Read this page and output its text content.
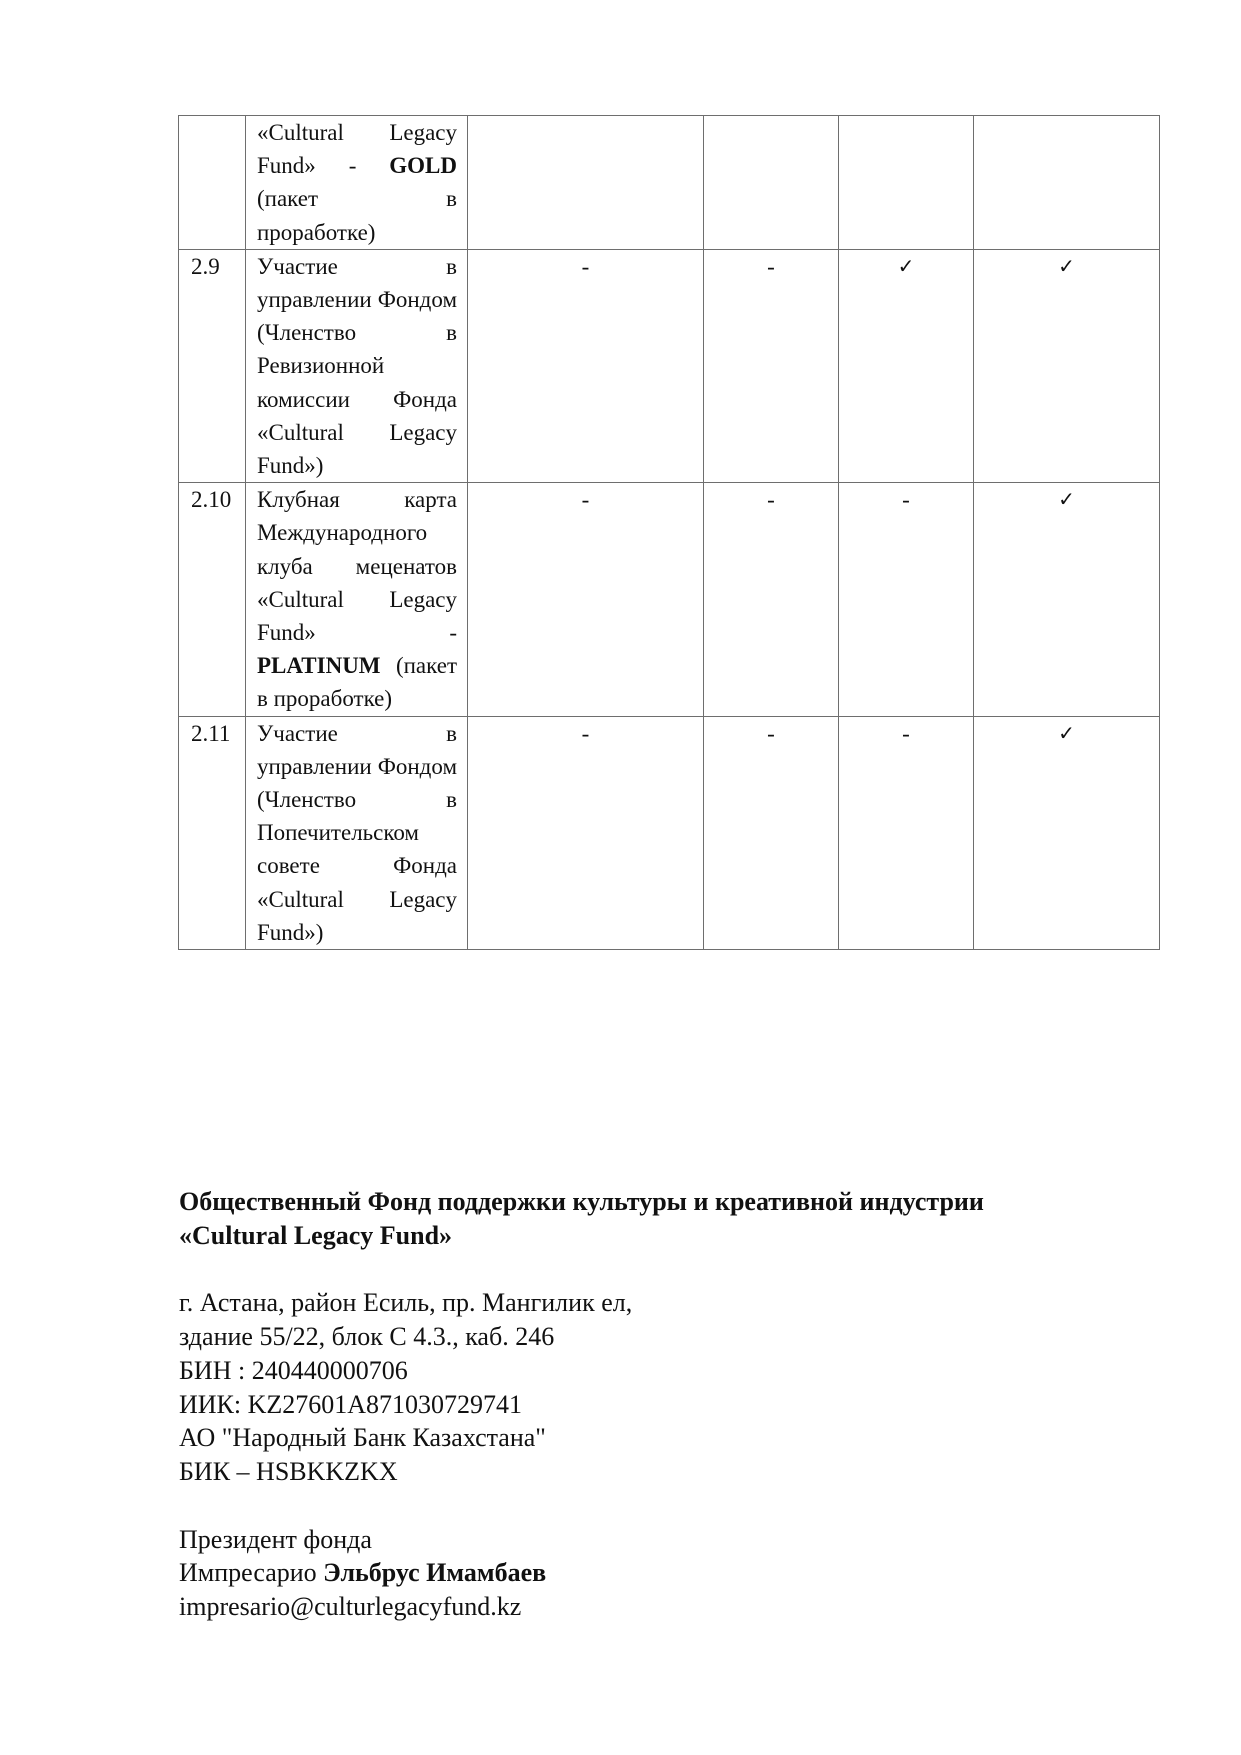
	«Cultural Legacy Fund» - GOLD (пакет в проработке)				

2.9	Участие в управлении Фондом (Членство в Ревизионной комиссии Фонда «Cultural Legacy Fund»)	-	-	✓	✓

2.10	Клубная карта Международного клуба меценатов «Cultural Legacy Fund» - PLATINUM (пакет в проработке)	-	-	-	✓

2.11	Участие в управлении Фондом (Членство в Попечительском совете Фонда «Cultural Legacy Fund»)	-	-	-	✓

Общественный Фонд поддержки культуры и креативной индустрии «Cultural Legacy Fund»

г. Астана, район Есиль, пр. Мангилик ел,

здание 55/22, блок С 4.3., каб. 246

БИН : 240440000706

ИИК: KZ27601A871030729741

АО "Народный Банк Казахстана"

БИК – HSBKKZKX

Президент фонда

Импресарио Эльбрус Имамбаев

impresario@culturlegacyfund.kz
